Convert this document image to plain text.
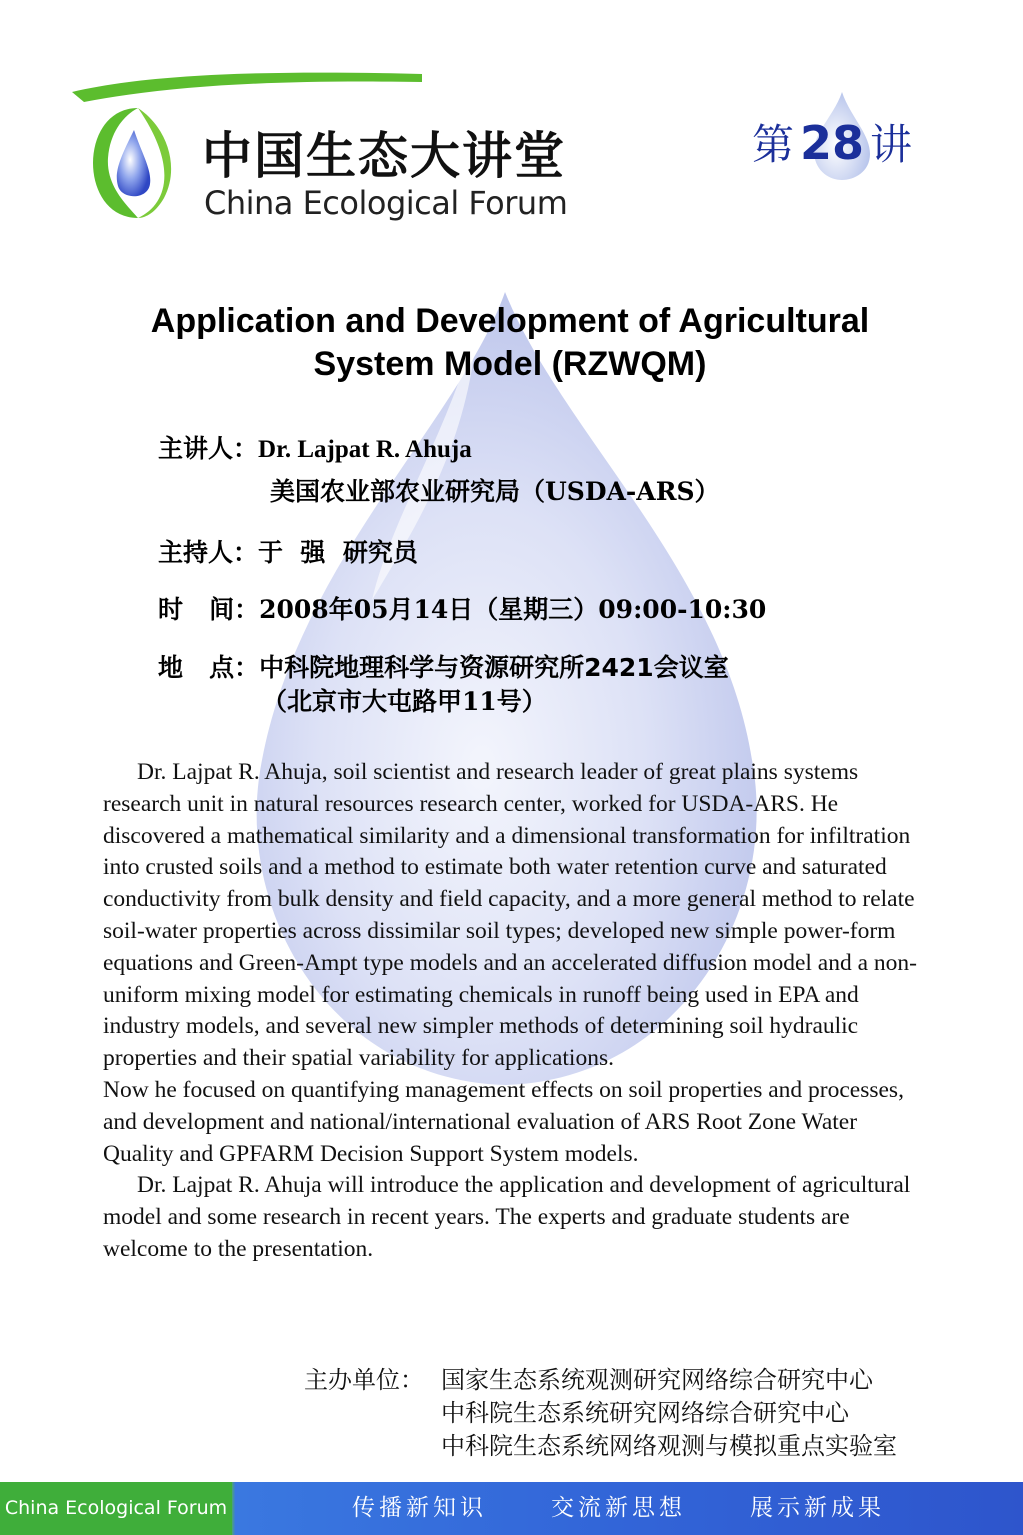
中国生态大讲堂
China Ecological Forum
第 28 讲
Application and Development of Agricultural
System Model (RZWQM)
主讲人：Dr. Lajpat R. Ahuja
美国农业部农业研究局（USDA-ARS）
主持人：于  强  研究员
时   间：2008年05月14日（星期三）09:00-10:30
地   点：中科院地理科学与资源研究所2421会议室
（北京市大屯路甲11号）

Dr. Lajpat R. Ahuja, soil scientist and research leader of great plains systems research unit in natural resources research center, worked for USDA-ARS. He discovered a mathematical similarity and a dimensional transformation for infiltration into crusted soils and a method to estimate both water retention curve and saturated conductivity from bulk density and field capacity, and a more general method to relate soil-water properties across dissimilar soil types; developed new simple power-form equations and Green-Ampt type models and an accelerated diffusion model and a non-uniform mixing model for estimating chemicals in runoff being used in EPA and industry models, and several new simpler methods of determining soil hydraulic properties and their spatial variability for applications.

Now he focused on quantifying management effects on soil properties and processes, and development and national/international evaluation of ARS Root Zone Water Quality and GPFARM Decision Support System models.

Dr. Lajpat R. Ahuja will introduce the application and development of agricultural model and some research in recent years. The experts and graduate students are welcome to the presentation.

主办单位： 国家生态系统观测研究网络综合研究中心
中科院生态系统研究网络综合研究中心
中科院生态系统网络观测与模拟重点实验室
China Ecological Forum	传播新知识	交流新思想	展示新成果
